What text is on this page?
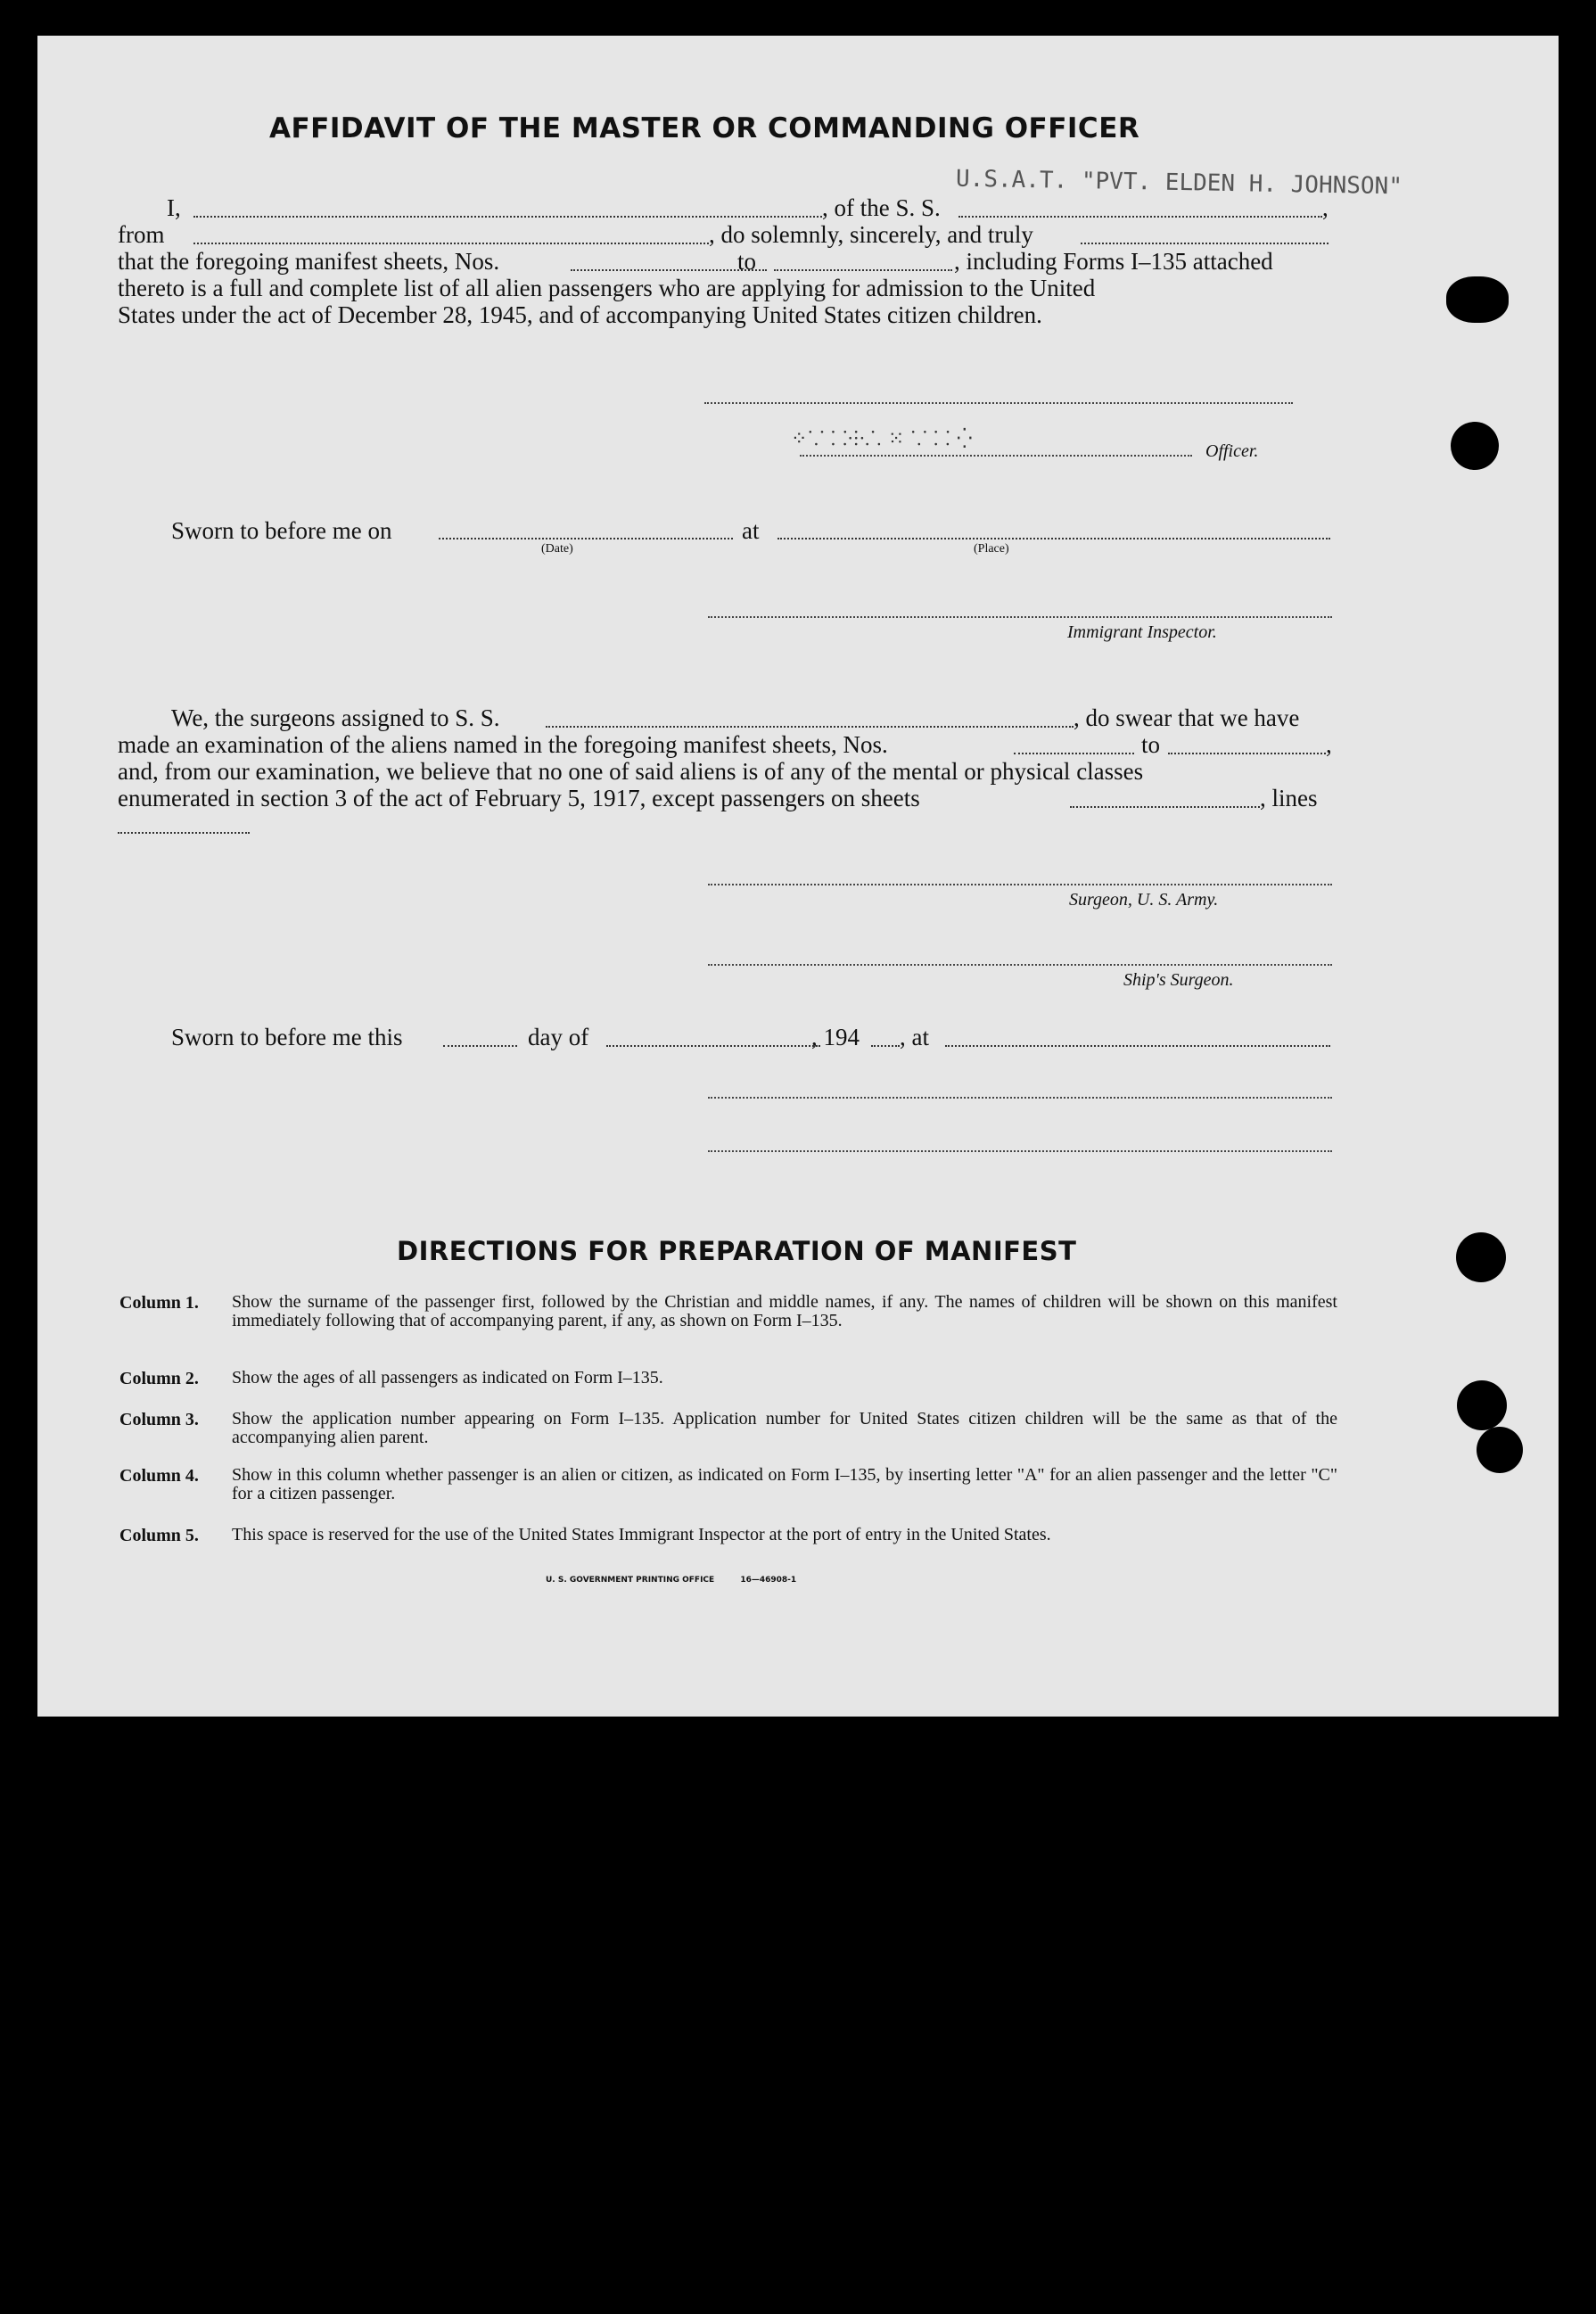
AFFIDAVIT OF THE MASTER OR COMMANDING OFFICER
U.S.A.T. "PVT. ELDEN H. JOHNSON"
I,	, of the S. S.	,
from	, do solemnly, sincerely, and truly
that the foregoing manifest sheets, Nos.	to	, including Forms I–135 attached
thereto is a full and complete list of all alien passengers who are applying for admission to the United
States under the act of December 28, 1945, and of accompanying United States citizen children.
⁘⸪ ⸬⸭⸫ ⁙ ⸪ ⸬ ⁛
Officer.
Sworn to before me on	at
(Date)	(Place)
Immigrant Inspector.
We, the surgeons assigned to S. S.	, do swear that we have
made an examination of the aliens named in the foregoing manifest sheets, Nos.	to	,
and, from our examination, we believe that no one of said aliens is of any of the mental or physical classes
enumerated in section 3 of the act of February 5, 1917, except passengers on sheets	, lines
Surgeon, U. S. Army.
Ship's Surgeon.
Sworn to before me this	day of	, 194 , at
DIRECTIONS FOR PREPARATION OF MANIFEST
Column 1. Show the surname of the passenger first, followed by the Christian and middle names, if any. The names of children will be shown on this manifest immediately following that of accompanying parent, if any, as shown on Form I–135.
Column 2. Show the ages of all passengers as indicated on Form I–135.
Column 3. Show the application number appearing on Form I–135. Application number for United States citizen children will be the same as that of the accompanying alien parent.
Column 4. Show in this column whether passenger is an alien or citizen, as indicated on Form I–135, by inserting letter "A" for an alien passenger and the letter "C" for a citizen passenger.
Column 5. This space is reserved for the use of the United States Immigrant Inspector at the port of entry in the United States.
U. S. GOVERNMENT PRINTING OFFICE	16—46908-1
